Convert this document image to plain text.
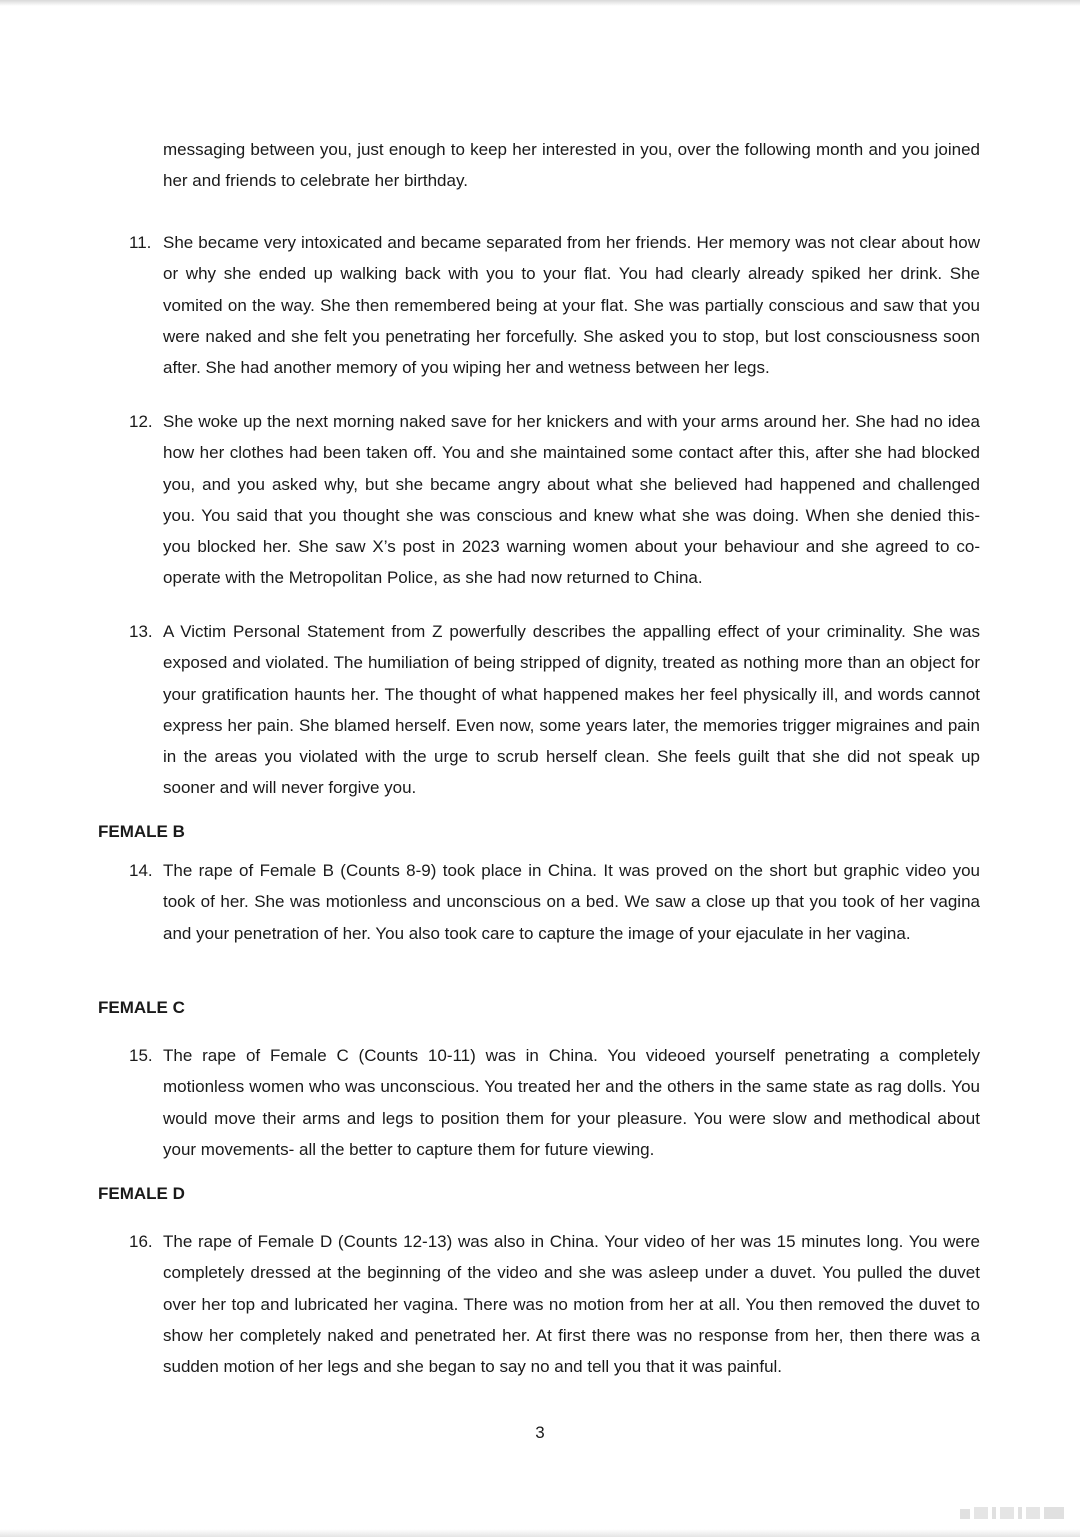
messaging between you, just enough to keep her interested in you, over the following month and you joined her and friends to celebrate her birthday.

11. She became very intoxicated and became separated from her friends. Her memory was not clear about how or why she ended up walking back with you to your flat. You had clearly already spiked her drink. She vomited on the way. She then remembered being at your flat. She was partially conscious and saw that you were naked and she felt you penetrating her forcefully. She asked you to stop, but lost consciousness soon after. She had another memory of you wiping her and wetness between her legs.
12. She woke up the next morning naked save for her knickers and with your arms around her. She had no idea how her clothes had been taken off. You and she maintained some contact after this, after she had blocked you, and you asked why, but she became angry about what she believed had happened and challenged you. You said that you thought she was conscious and knew what she was doing. When she denied this- you blocked her. She saw X’s post in 2023 warning women about your behaviour and she agreed to co-operate with the Metropolitan Police, as she had now returned to China.
13. A Victim Personal Statement from Z powerfully describes the appalling effect of your criminality. She was exposed and violated. The humiliation of being stripped of dignity, treated as nothing more than an object for your gratification haunts her. The thought of what happened makes her feel physically ill, and words cannot express her pain. She blamed herself. Even now, some years later, the memories trigger migraines and pain in the areas you violated with the urge to scrub herself clean. She feels guilt that she did not speak up sooner and will never forgive you.
FEMALE B
14. The rape of Female B (Counts 8-9) took place in China. It was proved on the short but graphic video you took of her. She was motionless and unconscious on a bed. We saw a close up that you took of her vagina and your penetration of her. You also took care to capture the image of your ejaculate in her vagina.
FEMALE C
15. The rape of Female C (Counts 10-11) was in China. You videoed yourself penetrating a completely motionless women who was unconscious. You treated her and the others in the same state as rag dolls. You would move their arms and legs to position them for your pleasure. You were slow and methodical about your movements- all the better to capture them for future viewing.
FEMALE D
16. The rape of Female D (Counts 12-13) was also in China. Your video of her was 15 minutes long. You were completely dressed at the beginning of the video and she was asleep under a duvet. You pulled the duvet over her top and lubricated her vagina. There was no motion from her at all. You then removed the duvet to show her completely naked and penetrated her. At first there was no response from her, then there was a sudden motion of her legs and she began to say no and tell you that it was painful.
3
